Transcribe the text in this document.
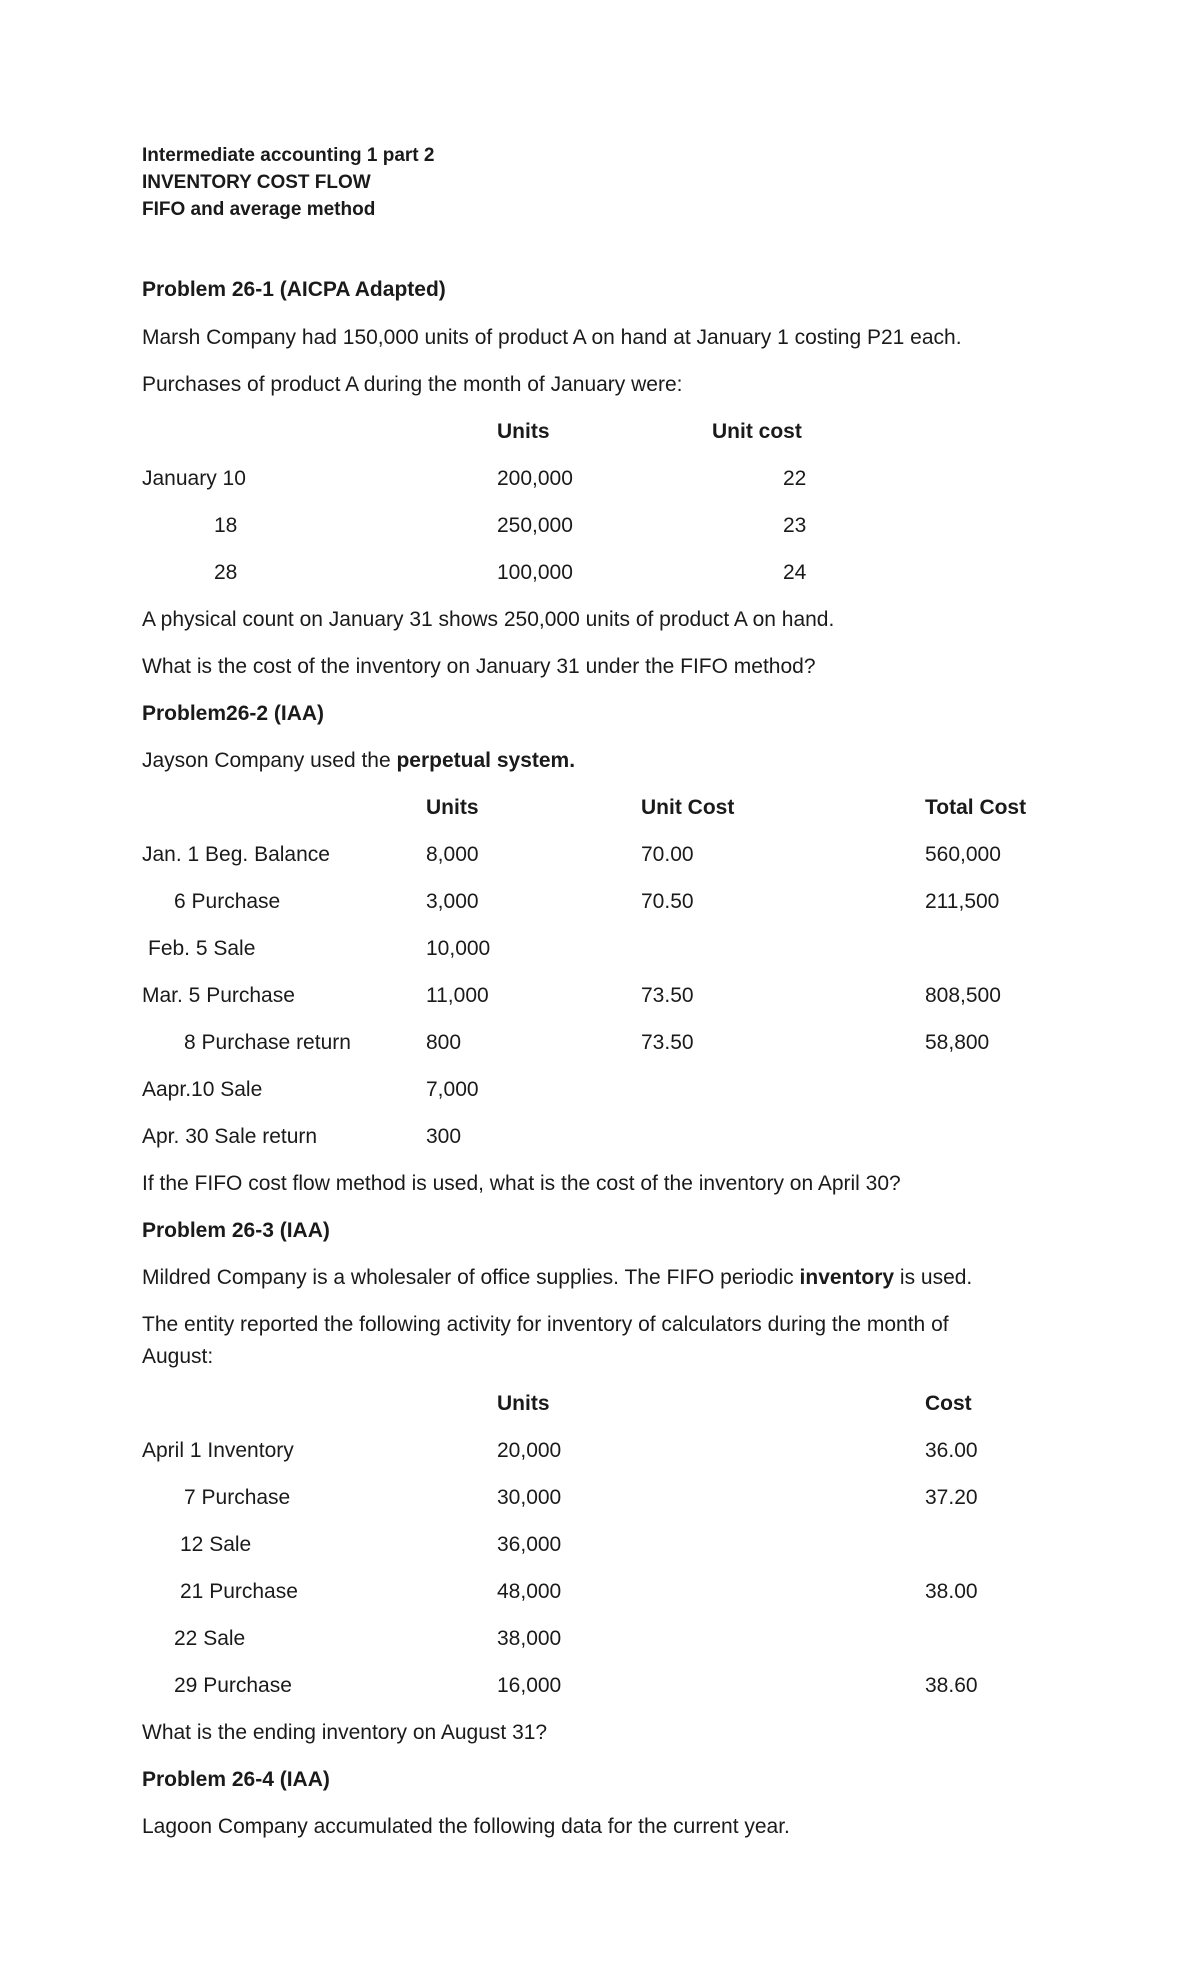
Intermediate accounting 1 part 2
INVENTORY COST FLOW
FIFO and average method
Problem 26-1 (AICPA Adapted)
Marsh Company had 150,000 units of product A on hand at January 1 costing P21 each.
Purchases of product A during the month of January were:
Units	Unit cost
January 10	200,000	22
18	250,000	23
28	100,000	24
A physical count on January 31 shows 250,000 units of product A on hand.
What is the cost of the inventory on January 31 under the FIFO method?
Problem26-2 (IAA)
Jayson Company used the perpetual system.
Units	Unit Cost	Total Cost
Jan. 1 Beg. Balance	8,000	70.00	560,000
6 Purchase	3,000	70.50	211,500
Feb. 5 Sale	10,000
Mar. 5 Purchase	11,000	73.50	808,500
8 Purchase return	800	73.50	58,800
Aapr.10 Sale	7,000
Apr. 30 Sale return	300
If the FIFO cost flow method is used, what is the cost of the inventory on April 30?
Problem 26-3 (IAA)
Mildred Company is a wholesaler of office supplies. The FIFO periodic inventory is used.
The entity reported the following activity for inventory of calculators during the month of
August:
Units	Cost
April 1 Inventory	20,000	36.00
7 Purchase	30,000	37.20
12 Sale	36,000
21 Purchase	48,000	38.00
22 Sale	38,000
29 Purchase	16,000	38.60
What is the ending inventory on August 31?
Problem 26-4 (IAA)
Lagoon Company accumulated the following data for the current year.
